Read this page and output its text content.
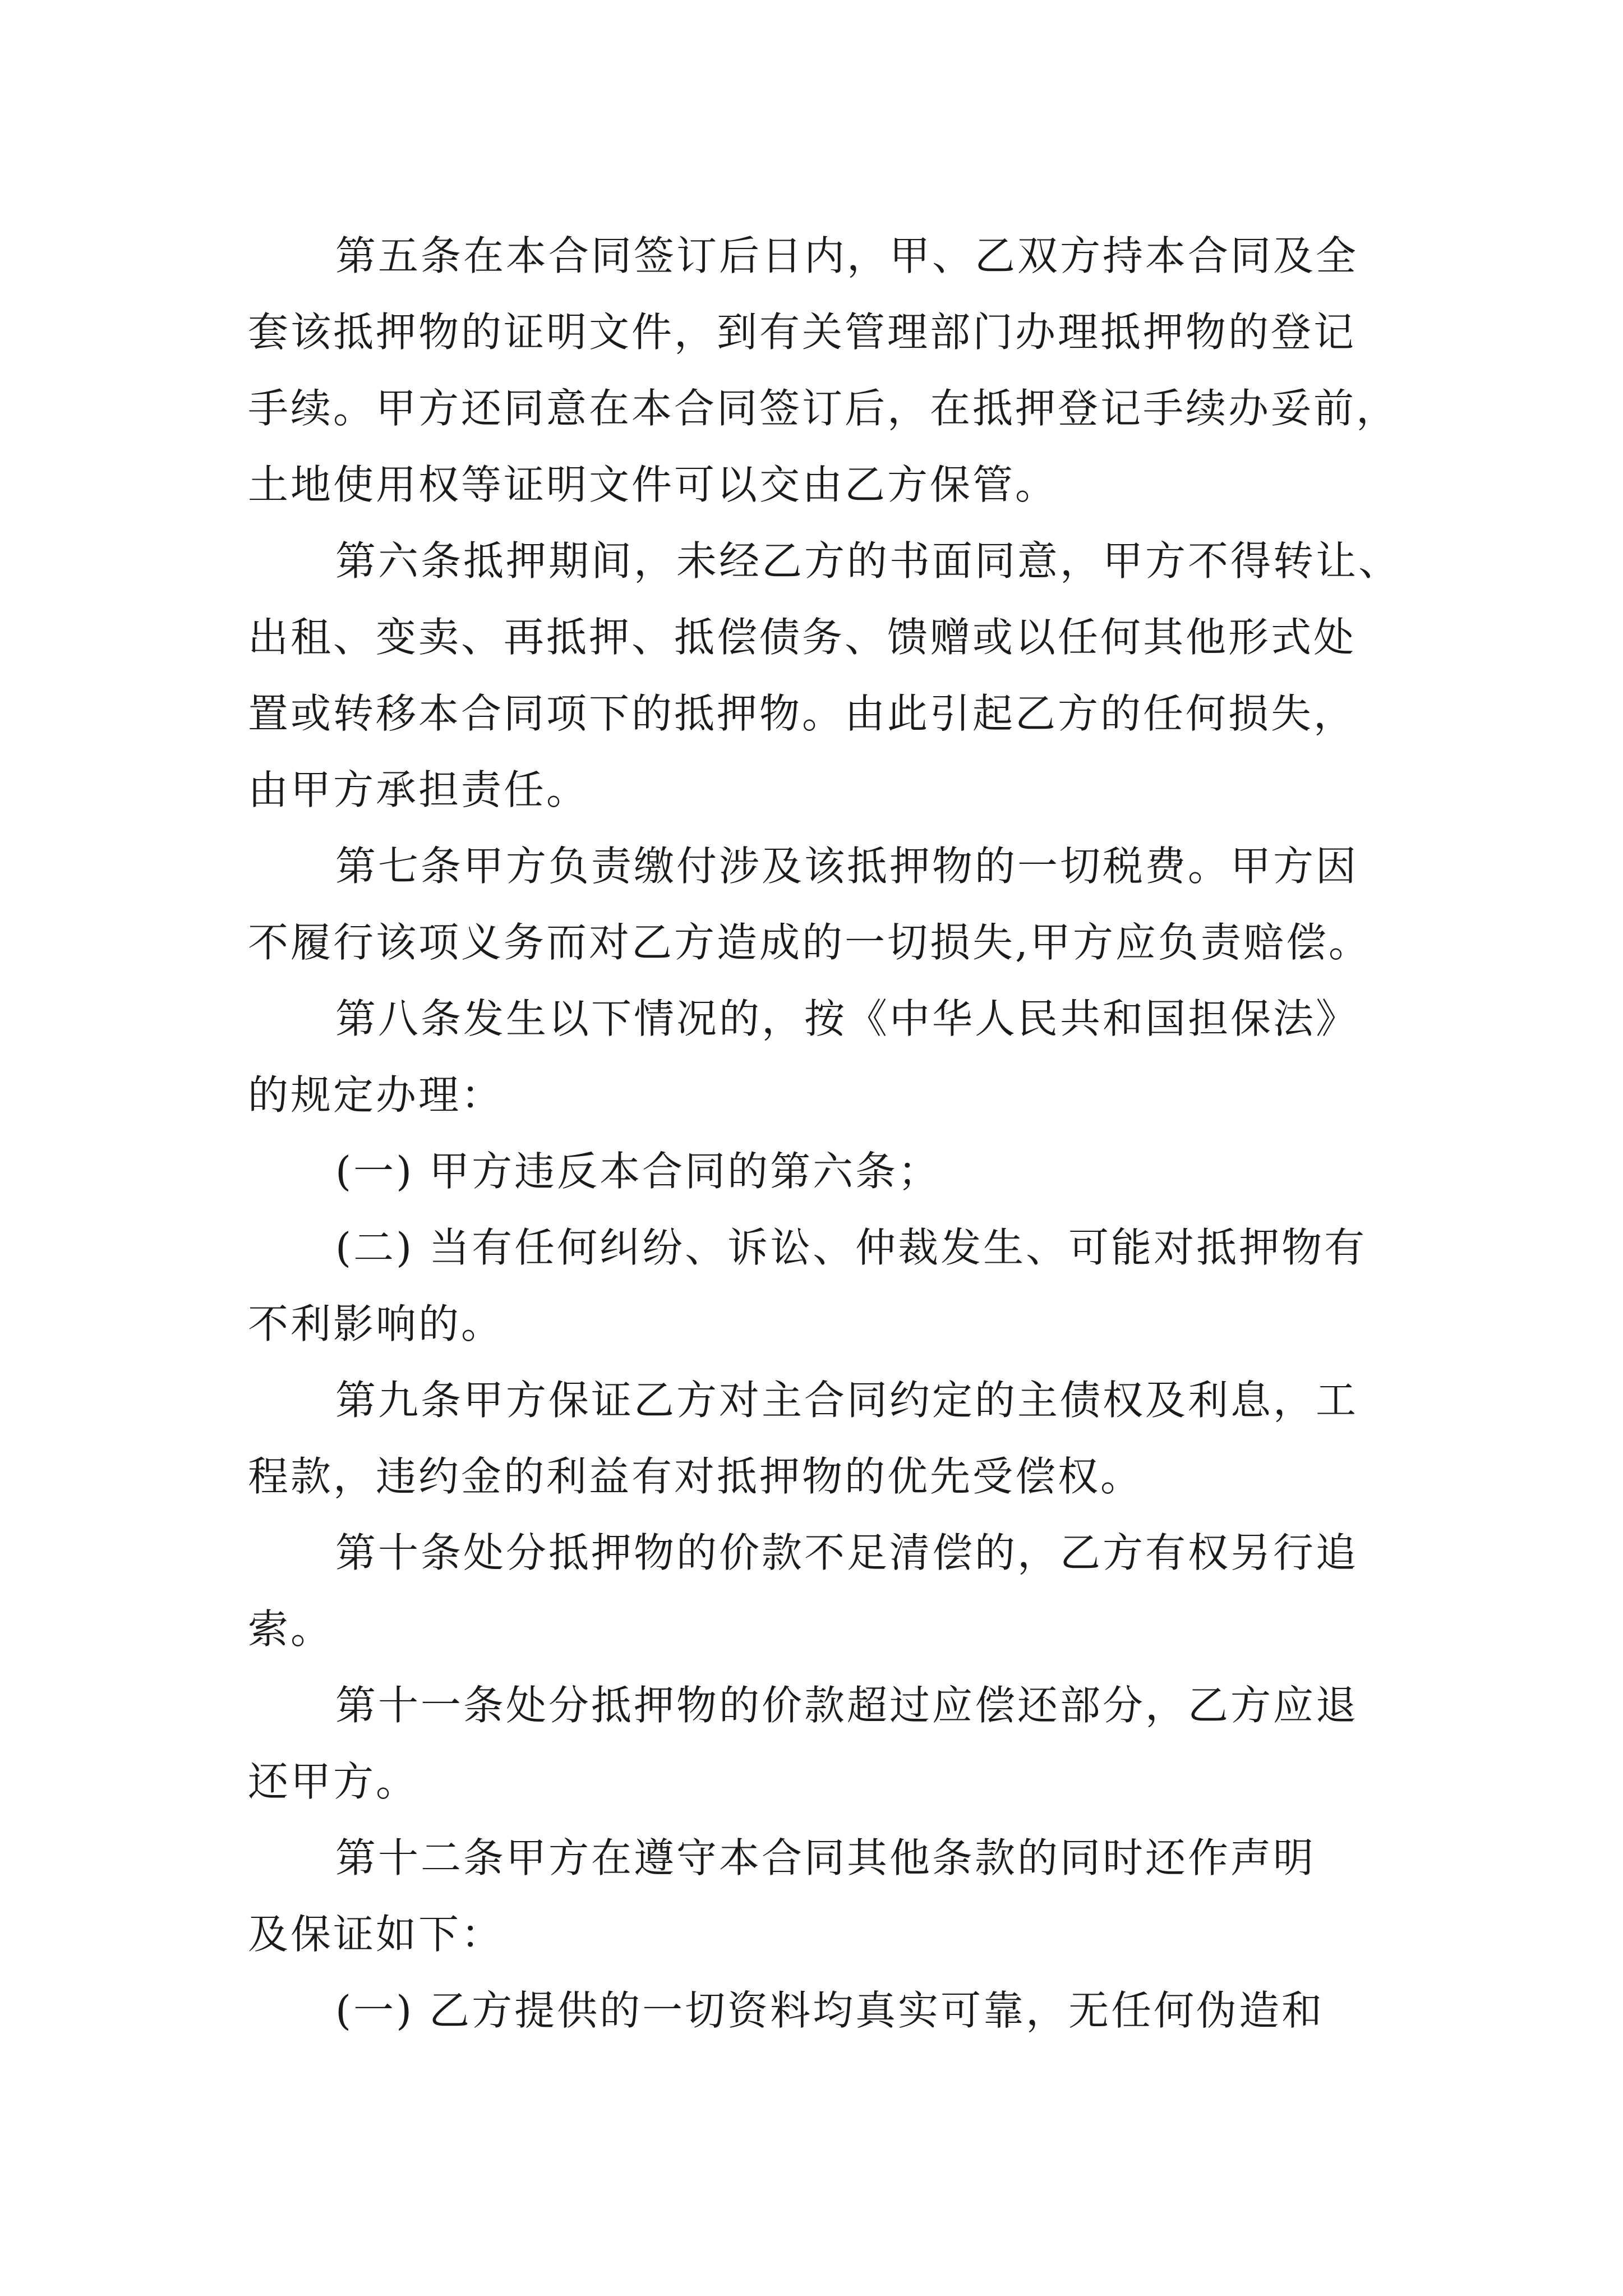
第五条在本合同签订后日内，甲、乙双方持本合同及全
套该抵押物的证明文件，到有关管理部门办理抵押物的登记
手续。甲方还同意在本合同签订后，在抵押登记手续办妥前，
土地使用权等证明文件可以交由乙方保管。

第六条抵押期间，未经乙方的书面同意，甲方不得转让、
出租、变卖、再抵押、抵偿债务、馈赠或以任何其他形式处
置或转移本合同项下的抵押物。由此引起乙方的任何损失，
由甲方承担责任。

第七条甲方负责缴付涉及该抵押物的一切税费。甲方因
不履行该项义务而对乙方造成的一切损失,甲方应负责赔偿。

第八条发生以下情况的，按《中华人民共和国担保法》
的规定办理：

(一) 甲方违反本合同的第六条；

(二) 当有任何纠纷、诉讼、仲裁发生、可能对抵押物有
不利影响的。

第九条甲方保证乙方对主合同约定的主债权及利息，工
程款，违约金的利益有对抵押物的优先受偿权。

第十条处分抵押物的价款不足清偿的，乙方有权另行追
索。

第十一条处分抵押物的价款超过应偿还部分，乙方应退
还甲方。

第十二条甲方在遵守本合同其他条款的同时还作声明
及保证如下：

(一) 乙方提供的一切资料均真实可靠，无任何伪造和
